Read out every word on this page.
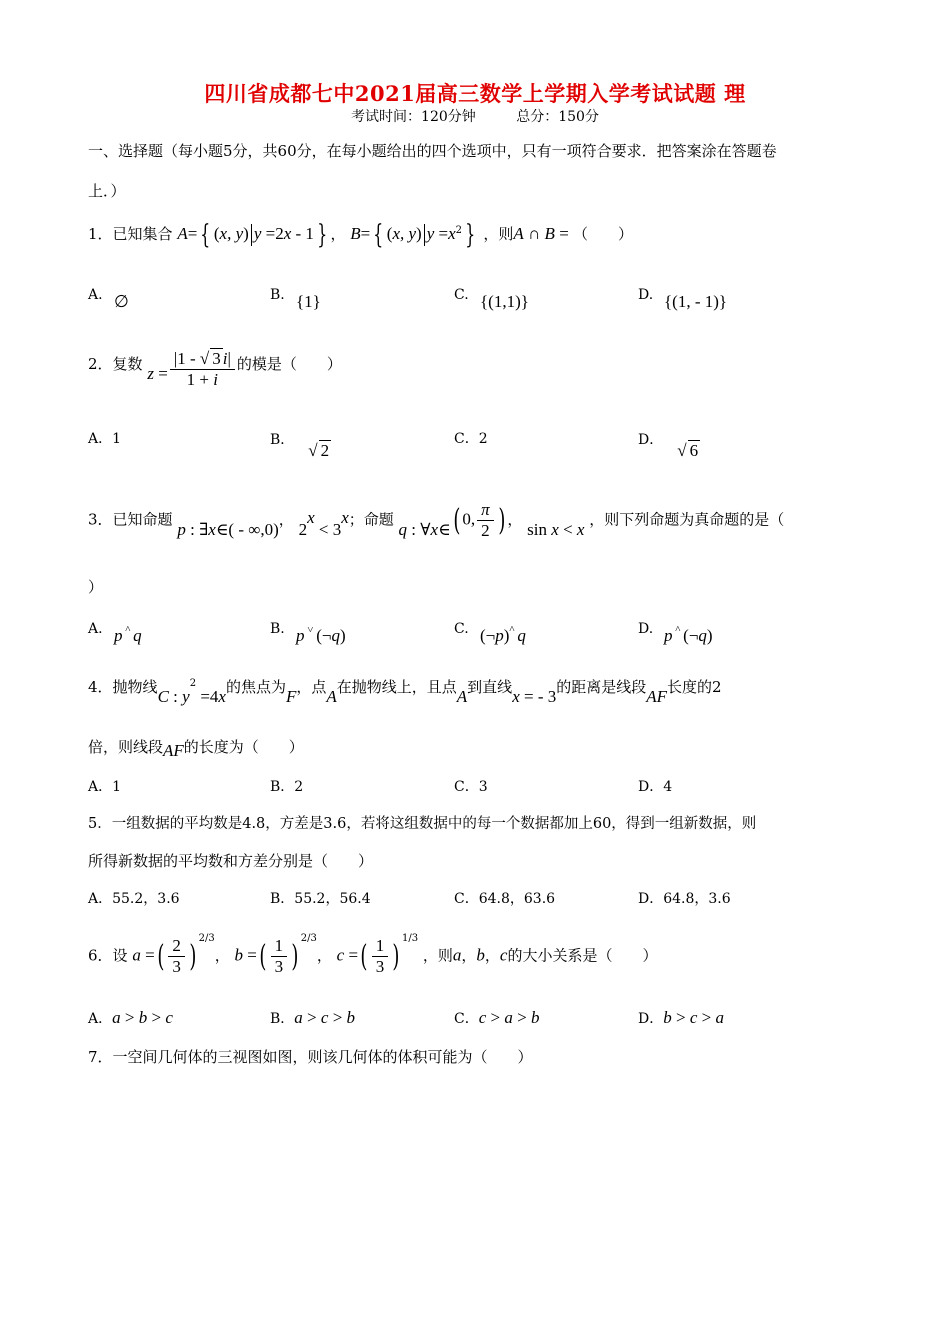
四川省成都七中2021届高三数学上学期入学考试试题 理
考试时间：120分钟	总分：150分
一、选择题（每小题5分，共60分，在每小题给出的四个选项中，只有一项符合要求．把答案涂在答题卷
上．）
1．已知集合 A= { (x, y) y =2x - 1 } ， B= { (x, y) $y =x^2$ } ，则A ∩ B = （　　）
A. ∅	B. {1}	C. {(1,1)}	D. {(1, - 1)}
2．复数 $z = \frac{|1 - √ 3 i|}{1 + i}$ 的模是（　　）
A．1	B．√ 2
C．2	D．√ 6
3．已知命题 p : ∃x∈( - ∞,0)， $2^x < 3^x$；命题 q : ∀x∈( 0, $\frac{\pi}{2}$ ) ， sin x < x ，则下列命题为真命题的是（
）
A. p ^ q	B. p ˅ (¬q)	C. (¬p)^ q	D. p ^ (¬q)
4．抛物线C : $y^2 =4x$的焦点为F，点A在抛物线上，且点A到直线x = - 3的距离是线段AF长度的2
倍，则线段AF的长度为（　　）
A．1	B．2	C．3	D．4
5．一组数据的平均数是4.8，方差是3.6，若将这组数据中的每一个数据都加上60，得到一组新数据，则
所得新数据的平均数和方差分别是（　　）
A．55.2，3.6	B．55.2，56.4	C．64.8，63.6	D．64.8，3.6
6．设 a =( $\frac{2}{3} )^{2/3}$， b =( $\frac{1}{3} )^{2/3}$， c =( $\frac{1}{3} )^{1/3}$ ，则a，b，c的大小关系是（　　）
A．a > b > c	B．a > c > b	C．c > a > b	D．b > c > a
7．一空间几何体的三视图如图，则该几何体的体积可能为（　　）
